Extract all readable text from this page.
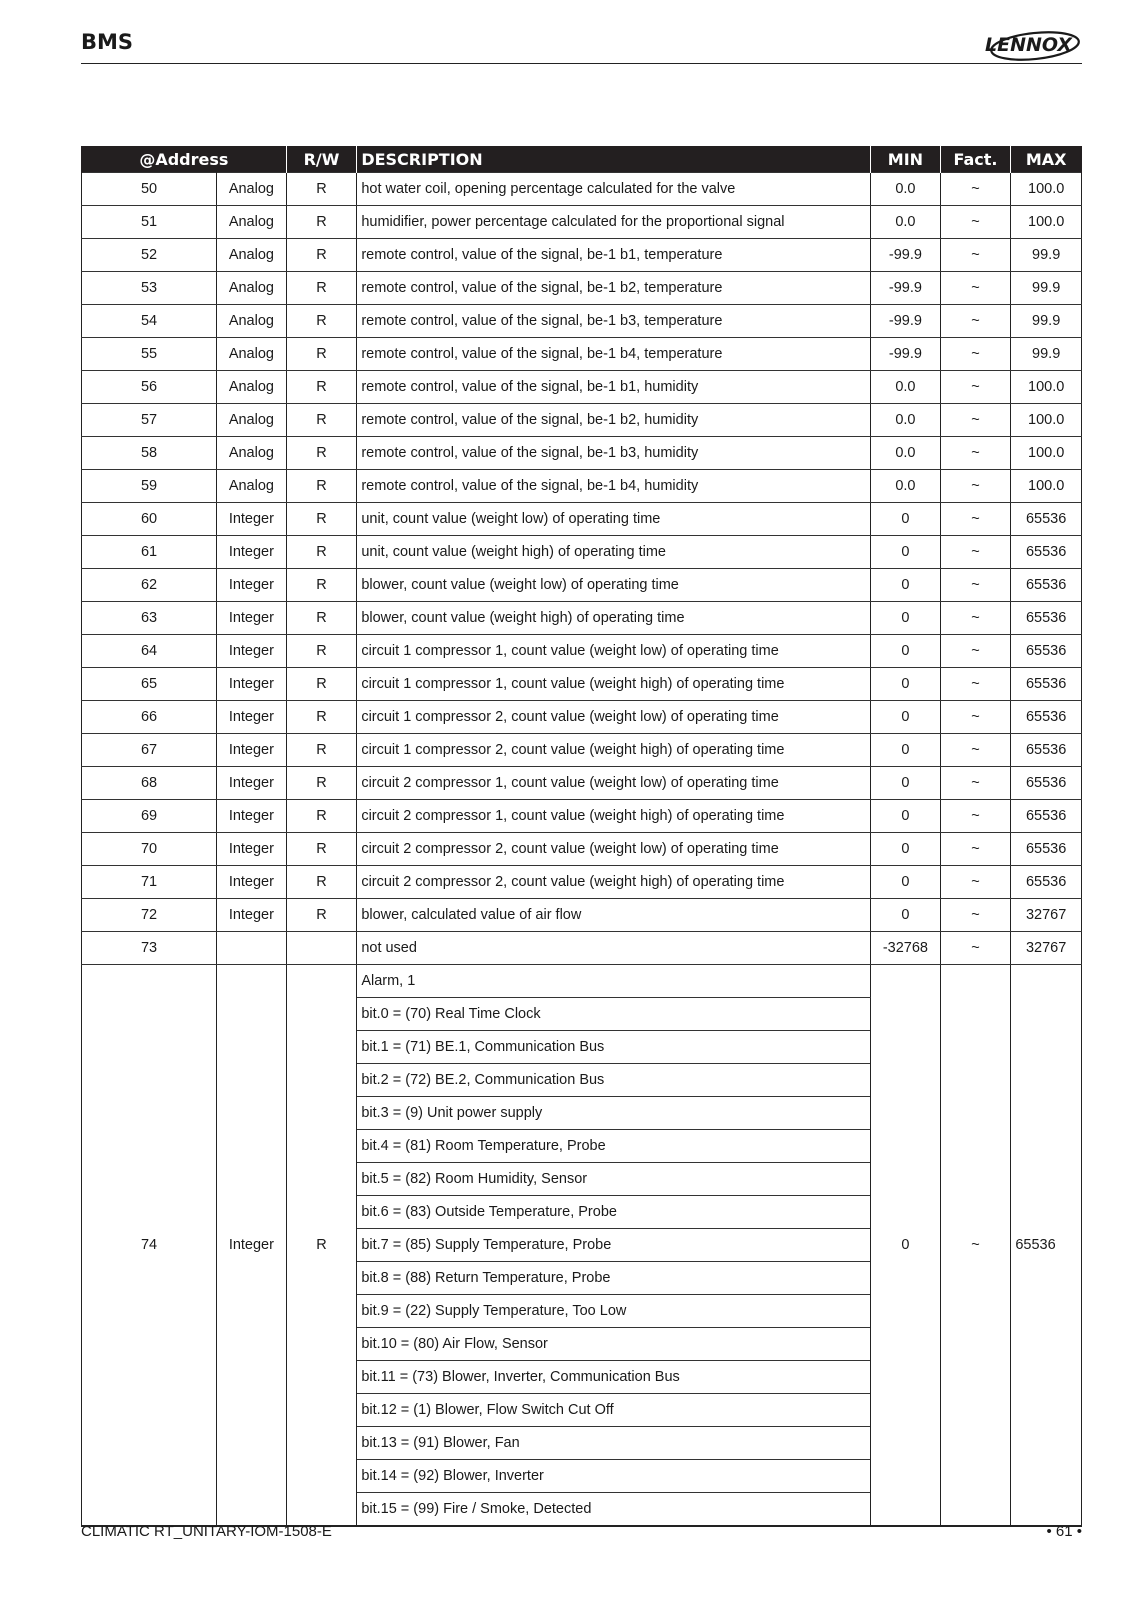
BMS	LENNOX
@Address		R/W	DESCRIPTION	MIN	Fact.	MAX
50	Analog	R	hot water coil, opening percentage calculated for the valve	0.0	~	100.0
51	Analog	R	humidifier, power percentage calculated for the proportional signal	0.0	~	100.0
52	Analog	R	remote control, value of the signal, be-1 b1, temperature	-99.9	~	99.9
53	Analog	R	remote control, value of the signal, be-1 b2, temperature	-99.9	~	99.9
54	Analog	R	remote control, value of the signal, be-1 b3, temperature	-99.9	~	99.9
55	Analog	R	remote control, value of the signal, be-1 b4, temperature	-99.9	~	99.9
56	Analog	R	remote control, value of the signal, be-1 b1, humidity	0.0	~	100.0
57	Analog	R	remote control, value of the signal, be-1 b2, humidity	0.0	~	100.0
58	Analog	R	remote control, value of the signal, be-1 b3, humidity	0.0	~	100.0
59	Analog	R	remote control, value of the signal, be-1 b4, humidity	0.0	~	100.0
60	Integer	R	unit, count value (weight low) of operating time	0	~	65536
61	Integer	R	unit, count value (weight high) of operating time	0	~	65536
62	Integer	R	blower, count value (weight low) of operating time	0	~	65536
63	Integer	R	blower, count value (weight high) of operating time	0	~	65536
64	Integer	R	circuit 1 compressor 1, count value (weight low) of operating time	0	~	65536
65	Integer	R	circuit 1 compressor 1, count value (weight high) of operating time	0	~	65536
66	Integer	R	circuit 1 compressor 2, count value (weight low) of operating time	0	~	65536
67	Integer	R	circuit 1 compressor 2, count value (weight high) of operating time	0	~	65536
68	Integer	R	circuit 2 compressor 1, count value (weight low) of operating time	0	~	65536
69	Integer	R	circuit 2 compressor 1, count value (weight high) of operating time	0	~	65536
70	Integer	R	circuit 2 compressor 2, count value (weight low) of operating time	0	~	65536
71	Integer	R	circuit 2 compressor 2, count value (weight high) of operating time	0	~	65536
72	Integer	R	blower, calculated value of air flow	0	~	32767
73			not used	-32768	~	32767
74	Integer	R	Alarm, 1	0	~	65536
			bit.0 = (70) Real Time Clock			
			bit.1 = (71) BE.1, Communication Bus			
			bit.2 = (72) BE.2, Communication Bus			
			bit.3 = (9) Unit power supply			
			bit.4 = (81) Room Temperature, Probe			
			bit.5 = (82) Room Humidity, Sensor			
			bit.6 = (83) Outside Temperature, Probe			
			bit.7 = (85) Supply Temperature, Probe			
			bit.8 = (88) Return Temperature, Probe			
			bit.9 = (22) Supply Temperature, Too Low			
			bit.10 = (80) Air Flow, Sensor			
			bit.11 = (73) Blower, Inverter, Communication Bus			
			bit.12 = (1) Blower, Flow Switch Cut Off			
			bit.13 = (91) Blower, Fan			
			bit.14 = (92) Blower, Inverter			
			bit.15 = (99) Fire / Smoke, Detected			
CLIMATIC RT_UNITARY-IOM-1508-E	• 61 •
